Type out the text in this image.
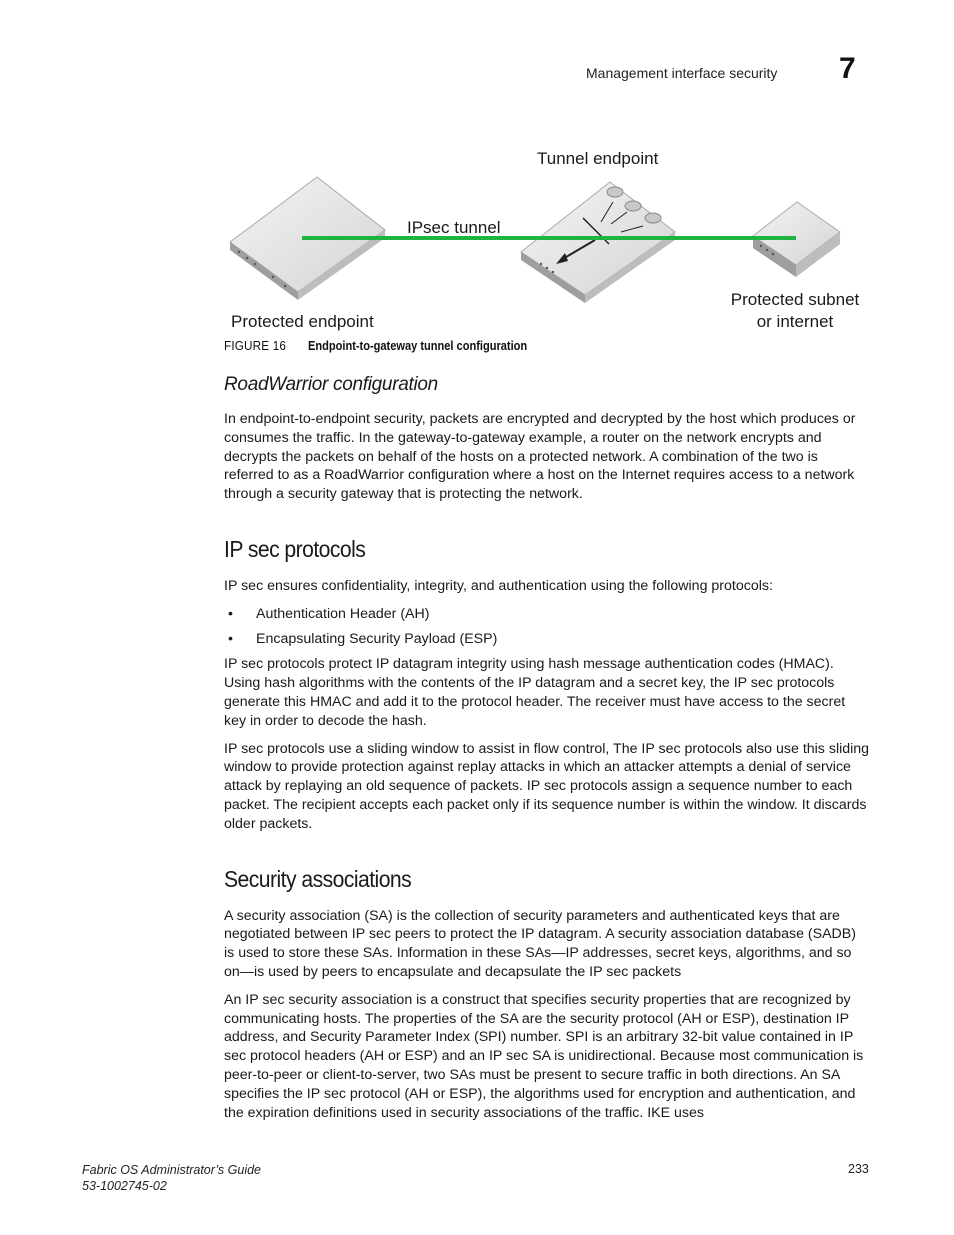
Management interface security 7
Tunnel endpoint
IPsec tunnel
Protected endpoint
Protected subnet
or internet
FIGURE 16 Endpoint-to-gateway tunnel configuration
RoadWarrior configuration

In endpoint-to-endpoint security, packets are encrypted and decrypted by the host which produces or consumes the traffic. In the gateway-to-gateway example, a router on the network encrypts and decrypts the packets on behalf of the hosts on a protected network. A combination of the two is referred to as a RoadWarrior configuration where a host on the Internet requires access to a network through a security gateway that is protecting the network.

IP sec protocols

IP sec ensures confidentiality, integrity, and authentication using the following protocols:

• Authentication Header (AH)
• Encapsulating Security Payload (ESP)

IP sec protocols protect IP datagram integrity using hash message authentication codes (HMAC). Using hash algorithms with the contents of the IP datagram and a secret key, the IP sec protocols generate this HMAC and add it to the protocol header. The receiver must have access to the secret key in order to decode the hash.

IP sec protocols use a sliding window to assist in flow control, The IP sec protocols also use this sliding window to provide protection against replay attacks in which an attacker attempts a denial of service attack by replaying an old sequence of packets. IP sec protocols assign a sequence number to each packet. The recipient accepts each packet only if its sequence number is within the window. It discards older packets.

Security associations

A security association (SA) is the collection of security parameters and authenticated keys that are negotiated between IP sec peers to protect the IP datagram. A security association database (SADB) is used to store these SAs. Information in these SAs—IP addresses, secret keys, algorithms, and so on—is used by peers to encapsulate and decapsulate the IP sec packets

An IP sec security association is a construct that specifies security properties that are recognized by communicating hosts. The properties of the SA are the security protocol (AH or ESP), destination IP address, and Security Parameter Index (SPI) number. SPI is an arbitrary 32-bit value contained in IP sec protocol headers (AH or ESP) and an IP sec SA is unidirectional. Because most communication is peer-to-peer or client-to-server, two SAs must be present to secure traffic in both directions. An SA specifies the IP sec protocol (AH or ESP), the algorithms used for encryption and authentication, and the expiration definitions used in security associations of the traffic. IKE uses

Fabric OS Administrator’s Guide
53-1002745-02
233
